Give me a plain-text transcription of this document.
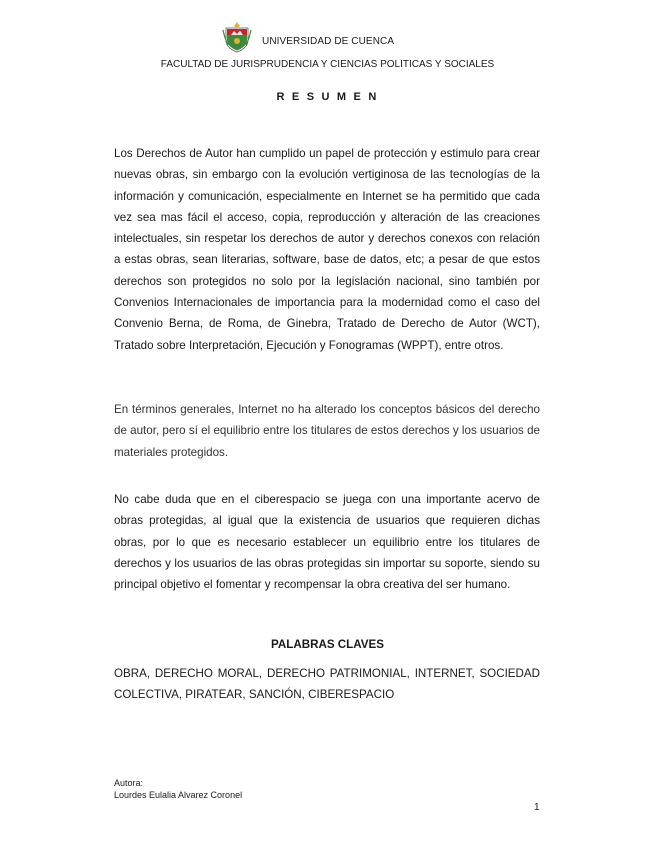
UNIVERSIDAD DE CUENCA
FACULTAD DE JURISPRUDENCIA Y CIENCIAS POLITICAS Y SOCIALES
R E S U M E N

Los Derechos de Autor han cumplido un papel de protección y estimulo para crear nuevas obras, sin embargo con la evolución vertiginosa de las tecnologías de la información y comunicación, especialmente en Internet se ha permitido que cada vez sea mas fácil el acceso, copia, reproducción y alteración de las creaciones intelectuales, sin respetar los derechos de autor y derechos conexos con relación a estas obras, sean literarias, software, base de datos, etc; a pesar de que estos derechos son protegidos no solo por la legislación nacional, sino también por Convenios Internacionales de importancia para la modernidad como el caso del Convenio Berna, de Roma, de Ginebra, Tratado de Derecho de Autor (WCT), Tratado sobre Interpretación, Ejecución y Fonogramas (WPPT), entre otros.

En términos generales, Internet no ha alterado los conceptos básicos del derecho de autor, pero sí el equilibrio entre los titulares de estos derechos y los usuarios de materiales protegidos.

No cabe duda que en el ciberespacio se juega con una importante acervo de obras protegidas, al igual que la existencia de usuarios que requieren dichas obras, por lo que es necesario establecer un equilibrio entre los titulares de derechos y los usuarios de las obras protegidas sin importar su soporte, siendo su principal objetivo el fomentar y recompensar la obra creativa del ser humano.

PALABRAS CLAVES

OBRA, DERECHO MORAL, DERECHO PATRIMONIAL, INTERNET, SOCIEDAD COLECTIVA, PIRATEAR, SANCIÓN, CIBERESPACIO

Autora:
Lourdes Eulalia Alvarez Coronel
1
